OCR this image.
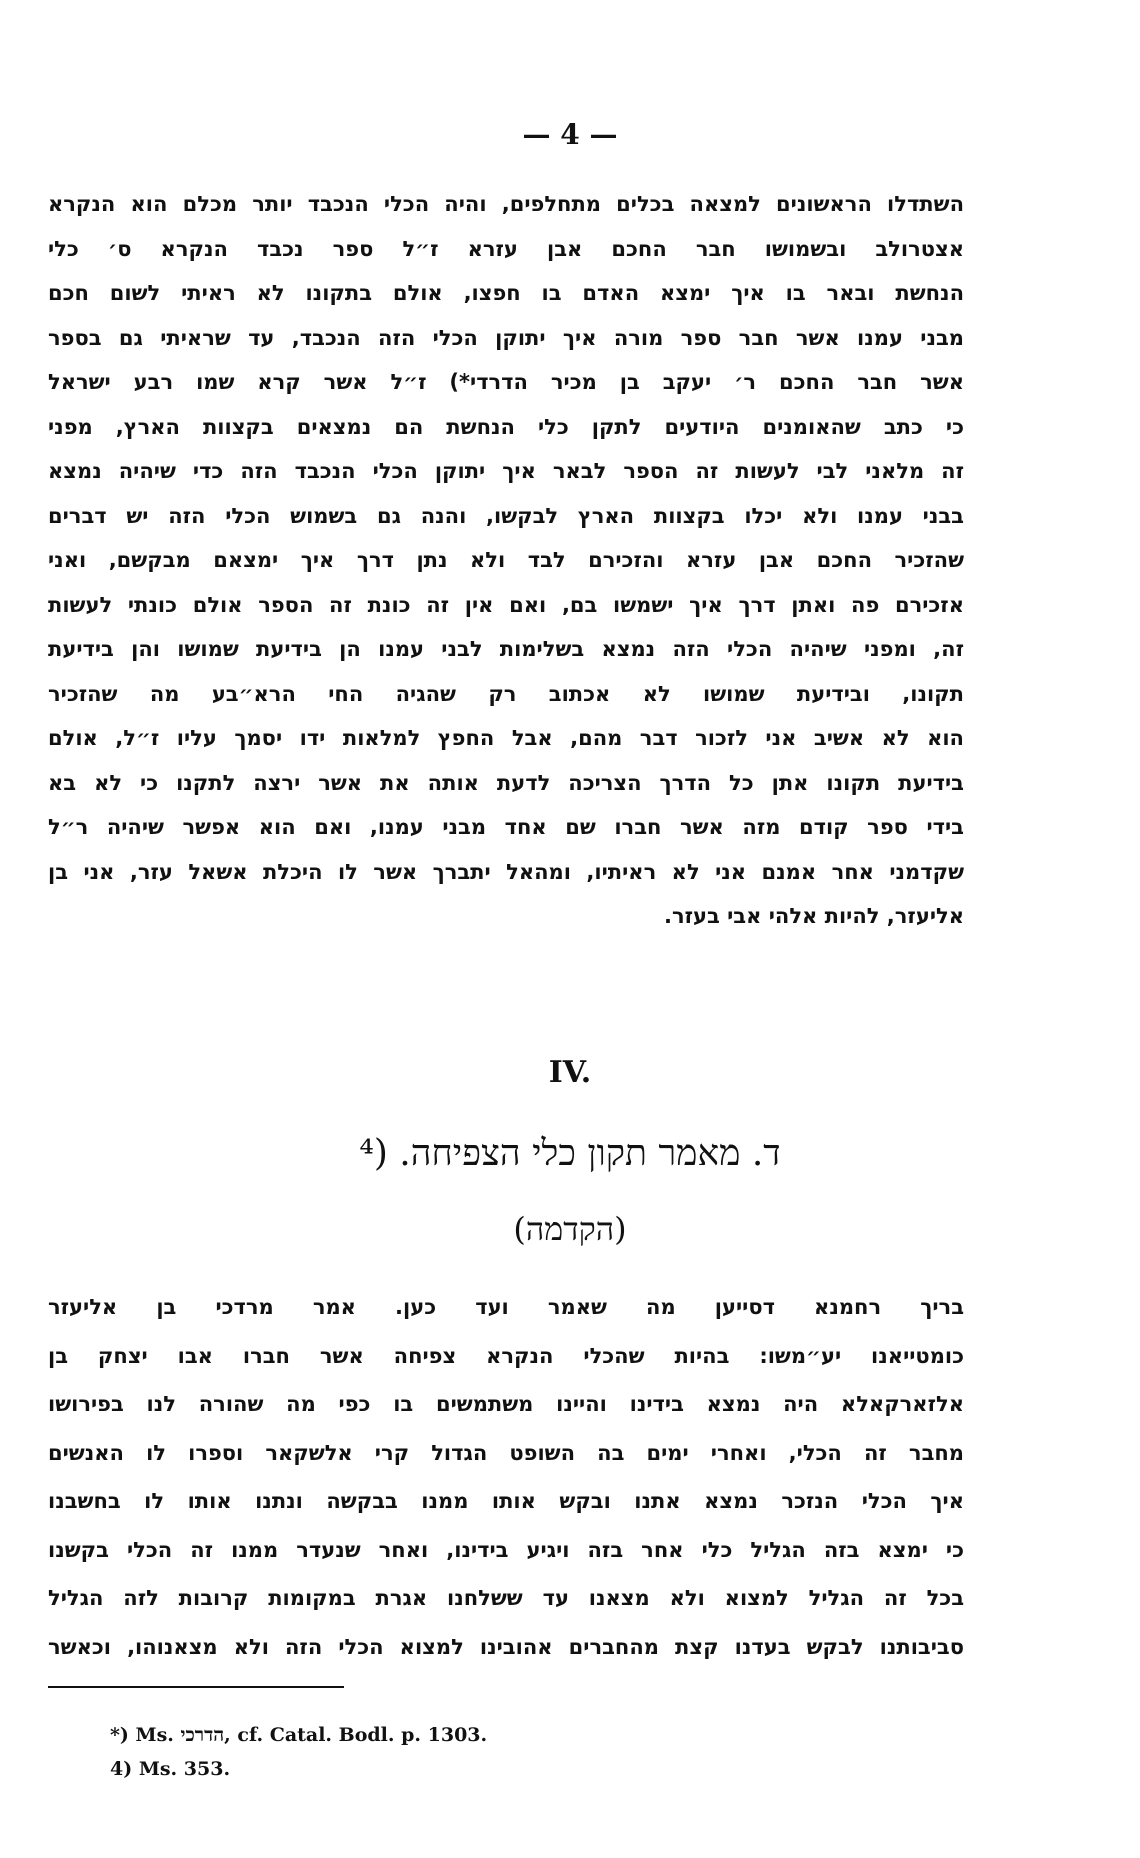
— 4 —
השתדלו הראשונים למצאה בכלים מתחלפים, והיה הכלי הנכבד יותר מכלם הוא הנקרא
אצטרולב ובשמושו חבר החכם אבן עזרא ז״ל ספר נכבד הנקרא ס׳ כלי
הנחשת ובאר בו איך ימצא האדם בו חפצו, אולם בתקונו לא ראיתי לשום חכם
מבני עמנו אשר חבר ספר מורה איך יתוקן הכלי הזה הנכבד, עד שראיתי גם בספר
אשר חבר החכם ר׳ יעקב בן מכיר הדרדי*) ז״ל אשר קרא שמו רבע ישראל
כי כתב שהאומנים היודעים לתקן כלי הנחשת הם נמצאים בקצוות הארץ, מפני
זה מלאני לבי לעשות זה הספר לבאר איך יתוקן הכלי הנכבד הזה כדי שיהיה נמצא
בבני עמנו ולא יכלו בקצוות הארץ לבקשו, והנה גם בשמוש הכלי הזה יש דברים
שהזכיר החכם אבן עזרא והזכירם לבד ולא נתן דרך איך ימצאם מבקשם, ואני
אזכירם פה ואתן דרך איך ישמשו בם, ואם אין זה כונת זה הספר אולם כונתי לעשות
זה, ומפני שיהיה הכלי הזה נמצא בשלימות לבני עמנו הן בידיעת שמושו והן בידיעת
תקונו, ובידיעת שמושו לא אכתוב רק שהגיה החי הרא״בע מה שהזכיר
הוא לא אשיב אני לזכור דבר מהם, אבל החפץ למלאות ידו יסמך עליו ז״ל, אולם
בידיעת תקונו אתן כל הדרך הצריכה לדעת אותה את אשר ירצה לתקנו כי לא בא
בידי ספר קודם מזה אשר חברו שם אחד מבני עמנו, ואם הוא אפשר שיהיה ר״ל
שקדמני אחר אמנם אני לא ראיתיו, ומהאל יתברך אשר לו היכלת אשאל עזר, אני בן
אליעזר, להיות אלהי אבי בעזר.
IV.
ד. מאמר תקון כלי הצפיחה. (⁴
(הקדמה)
בריך רחמנא דסייען מה שאמר ועד כען. אמר מרדכי בן אליעזר
כומטייאנו יע״משו: בהיות שהכלי הנקרא צפיחה אשר חברו אבו יצחק בן
אלזארקאלא היה נמצא בידינו והיינו משתמשים בו כפי מה שהורה לנו בפירושו
מחבר זה הכלי, ואחרי ימים בה השופט הגדול קרי אלשקאר וספרו לו האנשים
איך הכלי הנזכר נמצא אתנו ובקש אותו ממנו בבקשה ונתנו אותו לו בחשבנו
כי ימצא בזה הגליל כלי אחר בזה ויגיע בידינו, ואחר שנעדר ממנו זה הכלי בקשנו
בכל זה הגליל למצוא ולא מצאנו עד ששלחנו אגרת במקומות קרובות לזה הגליל
סביבותנו לבקש בעדנו קצת מהחברים אהובינו למצוא הכלי הזה ולא מצאנוהו, וכאשר
*) Ms. הדרכי, cf. Catal. Bodl. p. 1303.
4) Ms. 353.
